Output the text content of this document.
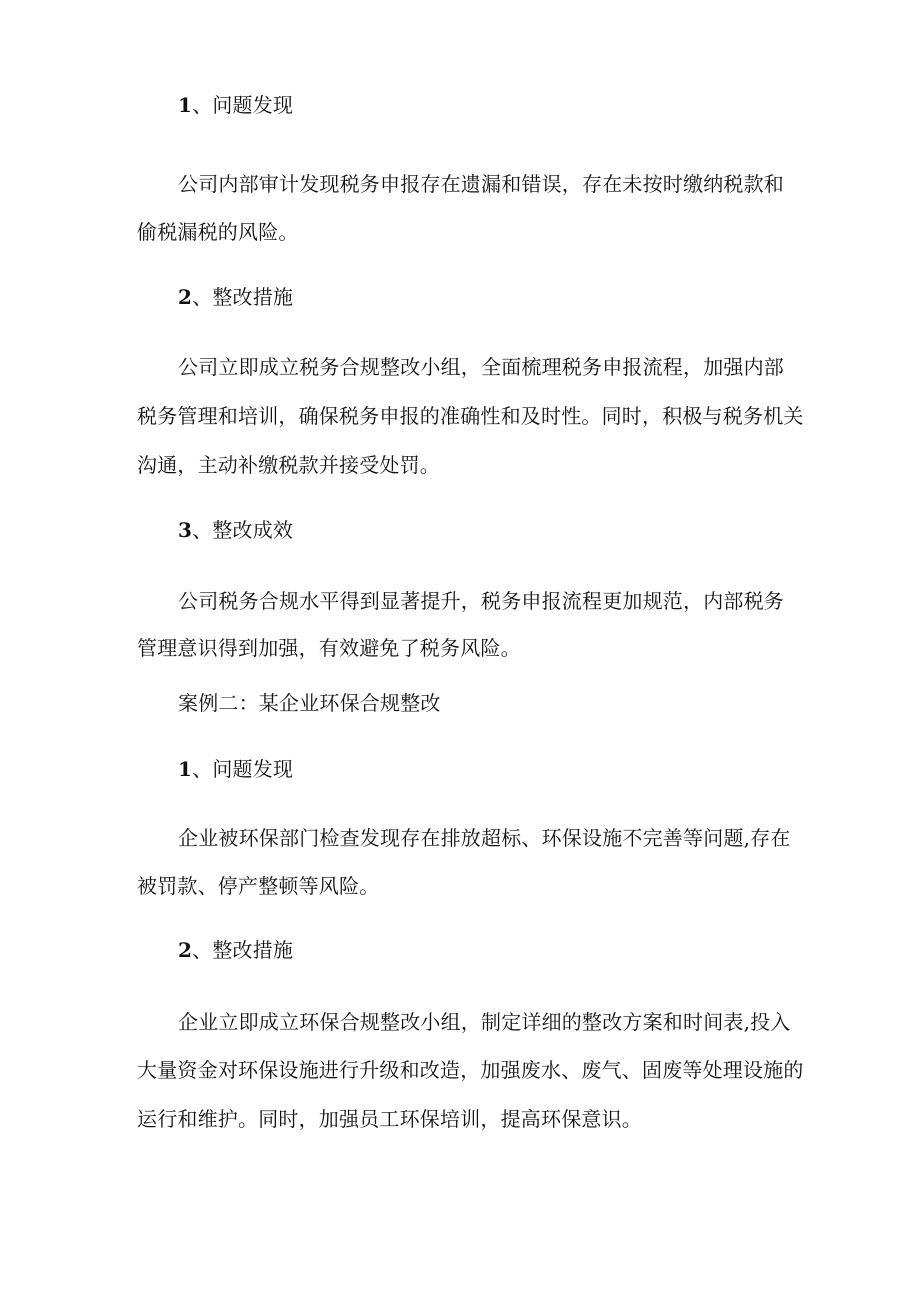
1、问题发现
公司内部审计发现税务申报存在遗漏和错误，存在未按时缴纳税款和
偷税漏税的风险。
2、整改措施
公司立即成立税务合规整改小组，全面梳理税务申报流程，加强内部
税务管理和培训，确保税务申报的准确性和及时性。同时，积极与税务机关
沟通，主动补缴税款并接受处罚。
3、整改成效
公司税务合规水平得到显著提升，税务申报流程更加规范，内部税务
管理意识得到加强，有效避免了税务风险。
案例二：某企业环保合规整改
1、问题发现
企业被环保部门检查发现存在排放超标、环保设施不完善等问题,存在
被罚款、停产整顿等风险。
2、整改措施
企业立即成立环保合规整改小组，制定详细的整改方案和时间表,投入
大量资金对环保设施进行升级和改造，加强废水、废气、固废等处理设施的
运行和维护。同时，加强员工环保培训，提高环保意识。
